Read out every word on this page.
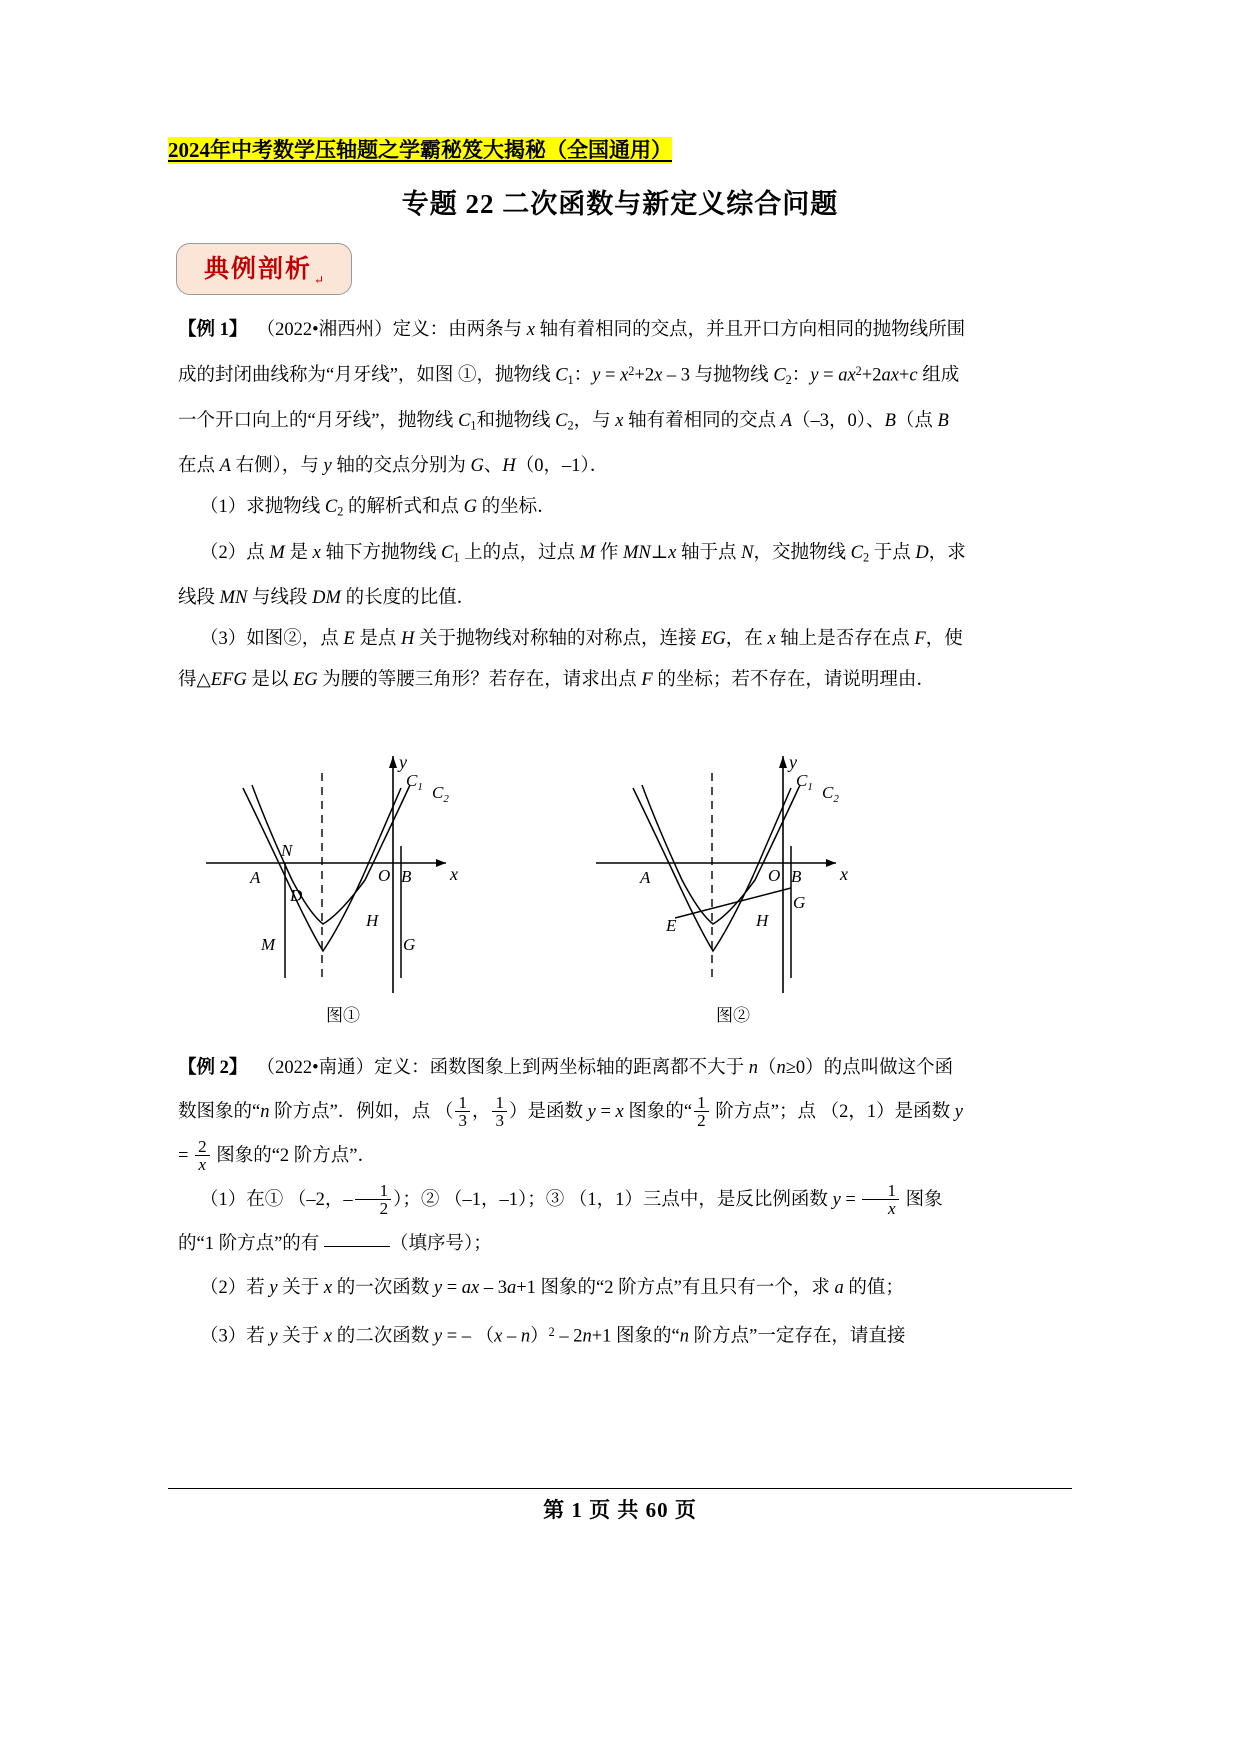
2024年中考数学压轴题之学霸秘笈大揭秘（全国通用）
专题 22 二次函数与新定义综合问题
典例剖析 ↵
【例 1】 （2022•湘西州）定义：由两条与 x 轴有着相同的交点，并且开口方向相同的抛物线所围成的封闭曲线称为“月牙线”，如图 ①，抛物线 $C_1$：$y = x^2+2x - 3$ 与抛物线 $C_2$：$y = ax^2+2ax+c$ 组成一个开口向上的“月牙线”，抛物线 $C_1$和抛物线 $C_2$，与 x 轴有着相同的交点 A（–3，0）、B（点 B 在点 A 右侧），与 y 轴的交点分别为 G、H（0，–1）．
（1）求抛物线 $C_2$ 的解析式和点 G 的坐标．
（2）点 M 是 x 轴下方抛物线 $C_1$ 上的点，过点 M 作 MN⊥x 轴于点 N，交抛物线 $C_2$ 于点 D，求线段 MN 与线段 DM 的长度的比值．
（3）如图②，点 E 是点 H 关于抛物线对称轴的对称点，连接 EG，在 x 轴上是否存在点 F，使得△EFG 是以 EG 为腰的等腰三角形？若存在，请求出点 F 的坐标；若不存在，请说明理由．
x
y
$C_1$ $C_2$
A
N
D
M
O B
H
G
图①
x
y
$C_1$ $C_2$
A
E	H
O B
G
图②
【例 2】 （2022•南通）定义：函数图象上到两坐标轴的距离都不大于 n（n≥0）的点叫做这个函数图象的“n 阶方点”．例如，点 （ $\frac{1}{3}$ ， $\frac{1}{3}$ ）是函数 y = x 图象的“ $\frac{1}{2}$ 阶方点”；点 （2，1）是函数 $y = \frac{2}{x}$ 图象的“2 阶方点”．
（1）在① （–2，– $\frac{1}{2}$ ）；② （–1，–1）；③ （1，1）三点中，是反比例函数 $y = \frac{1}{x}$ 图象的“1 阶方点”的有	（填序号）；
（2）若 y 关于 x 的一次函数 y = ax – 3a+1 图象的“2 阶方点”有且只有一个，求 a 的值；
（3）若 y 关于 x 的二次函数 y = – （x – n）$^2$ – 2n+1 图象的“n 阶方点”一定存在，请直接
第 1 页 共 60 页
